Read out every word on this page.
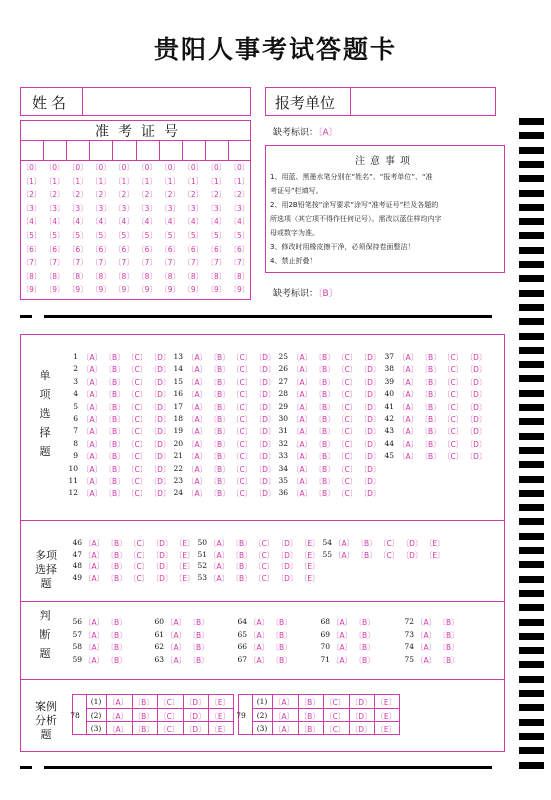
贵阳人事考试答题卡
姓名	报考单位
准考证号	缺考标识：〔A〕
注意事项
1、用蓝、黑墨水笔分别在“姓名”、“报考单位”、“准
考证号”栏填写。
2、用2B铅笔按“涂写要求”涂写“准考证号”栏及各题的
所选项（其它项不得作任何记号）。需改以蓝住样均内字
母或数字为准。
3、修改时用橡皮擦干净，必须保持卷面整洁！
4、禁止折叠！
缺考标识：〔B〕
单
项
选
择
题
多项
选择
题
判
断
题
案例
分析
题
〔0〕
〔1〕
〔2〕
〔3〕
〔4〕
〔5〕
〔6〕
〔7〕
〔8〕
〔9〕
〔0〕
〔1〕
〔2〕
〔3〕
〔4〕
〔5〕
〔6〕
〔7〕
〔8〕
〔9〕
〔0〕
〔1〕
〔2〕
〔3〕
〔4〕
〔5〕
〔6〕
〔7〕
〔8〕
〔9〕
〔0〕
〔1〕
〔2〕
〔3〕
〔4〕
〔5〕
〔6〕
〔7〕
〔8〕
〔9〕
〔0〕
〔1〕
〔2〕
〔3〕
〔4〕
〔5〕
〔6〕
〔7〕
〔8〕
〔9〕
〔0〕
〔1〕
〔2〕
〔3〕
〔4〕
〔5〕
〔6〕
〔7〕
〔8〕
〔9〕
〔0〕
〔1〕
〔2〕
〔3〕
〔4〕
〔5〕
〔6〕
〔7〕
〔8〕
〔9〕
〔0〕
〔1〕
〔2〕
〔3〕
〔4〕
〔5〕
〔6〕
〔7〕
〔8〕
〔9〕
〔0〕
〔1〕
〔2〕
〔3〕
〔4〕
〔5〕
〔6〕
〔7〕
〔8〕
〔9〕
〔0〕
〔1〕
〔2〕
〔3〕
〔4〕
〔5〕
〔6〕
〔7〕
〔8〕
〔9〕
1 〔A〕 〔B〕 〔C〕 〔D〕
2 〔A〕 〔B〕 〔C〕 〔D〕
3 〔A〕 〔B〕 〔C〕 〔D〕
4 〔A〕 〔B〕 〔C〕 〔D〕
5 〔A〕 〔B〕 〔C〕 〔D〕
6 〔A〕 〔B〕 〔C〕 〔D〕
7 〔A〕 〔B〕 〔C〕 〔D〕
8 〔A〕 〔B〕 〔C〕 〔D〕
9 〔A〕 〔B〕 〔C〕 〔D〕
10 〔A〕 〔B〕 〔C〕 〔D〕
11 〔A〕 〔B〕 〔C〕 〔D〕
12 〔A〕 〔B〕 〔C〕 〔D〕
13 〔A〕 〔B〕 〔C〕 〔D〕
14 〔A〕 〔B〕 〔C〕 〔D〕
15 〔A〕 〔B〕 〔C〕 〔D〕
16 〔A〕 〔B〕 〔C〕 〔D〕
17 〔A〕 〔B〕 〔C〕 〔D〕
18 〔A〕 〔B〕 〔C〕 〔D〕
19 〔A〕 〔B〕 〔C〕 〔D〕
20 〔A〕 〔B〕 〔C〕 〔D〕
21 〔A〕 〔B〕 〔C〕 〔D〕
22 〔A〕 〔B〕 〔C〕 〔D〕
23 〔A〕 〔B〕 〔C〕 〔D〕
24 〔A〕 〔B〕 〔C〕 〔D〕
25 〔A〕 〔B〕 〔C〕 〔D〕
26 〔A〕 〔B〕 〔C〕 〔D〕
27 〔A〕 〔B〕 〔C〕 〔D〕
28 〔A〕 〔B〕 〔C〕 〔D〕
29 〔A〕 〔B〕 〔C〕 〔D〕
30 〔A〕 〔B〕 〔C〕 〔D〕
31 〔A〕 〔B〕 〔C〕 〔D〕
32 〔A〕 〔B〕 〔C〕 〔D〕
33 〔A〕 〔B〕 〔C〕 〔D〕
34 〔A〕 〔B〕 〔C〕 〔D〕
35 〔A〕 〔B〕 〔C〕 〔D〕
36 〔A〕 〔B〕 〔C〕 〔D〕
37 〔A〕 〔B〕 〔C〕 〔D〕
38 〔A〕 〔B〕 〔C〕 〔D〕
39 〔A〕 〔B〕 〔C〕 〔D〕
40 〔A〕 〔B〕 〔C〕 〔D〕
41 〔A〕 〔B〕 〔C〕 〔D〕
42 〔A〕 〔B〕 〔C〕 〔D〕
43 〔A〕 〔B〕 〔C〕 〔D〕
44 〔A〕 〔B〕 〔C〕 〔D〕
45 〔A〕 〔B〕 〔C〕 〔D〕
46 〔A〕 〔B〕 〔C〕 〔D〕 〔E〕
47 〔A〕 〔B〕 〔C〕 〔D〕 〔E〕
48 〔A〕 〔B〕 〔C〕 〔D〕 〔E〕
49 〔A〕 〔B〕 〔C〕 〔D〕 〔E〕
50 〔A〕 〔B〕 〔C〕 〔D〕 〔E〕
51 〔A〕 〔B〕 〔C〕 〔D〕 〔E〕
52 〔A〕 〔B〕 〔C〕 〔D〕 〔E〕
53 〔A〕 〔B〕 〔C〕 〔D〕 〔E〕
54 〔A〕 〔B〕 〔C〕 〔D〕 〔E〕
55 〔A〕 〔B〕 〔C〕 〔D〕 〔E〕
56 〔A〕 〔B〕
57 〔A〕 〔B〕
58 〔A〕 〔B〕
59 〔A〕 〔B〕
60 〔A〕 〔B〕
61 〔A〕 〔B〕
62 〔A〕 〔B〕
63 〔A〕 〔B〕
64 〔A〕 〔B〕
65 〔A〕 〔B〕
66 〔A〕 〔B〕
67 〔A〕 〔B〕
68 〔A〕 〔B〕
69 〔A〕 〔B〕
70 〔A〕 〔B〕
71 〔A〕 〔B〕
72 〔A〕 〔B〕
73 〔A〕 〔B〕
74 〔A〕 〔B〕
75 〔A〕 〔B〕
78
(1) 〔A〕 〔B〕 〔C〕 〔D〕 〔E〕
(2) 〔A〕 〔B〕 〔C〕 〔D〕 〔E〕
(3) 〔A〕 〔B〕 〔C〕 〔D〕 〔E〕
79
(1) 〔A〕 〔B〕 〔C〕 〔D〕 〔E〕
(2) 〔A〕 〔B〕 〔C〕 〔D〕 〔E〕
(3) 〔A〕 〔B〕 〔C〕 〔D〕 〔E〕
